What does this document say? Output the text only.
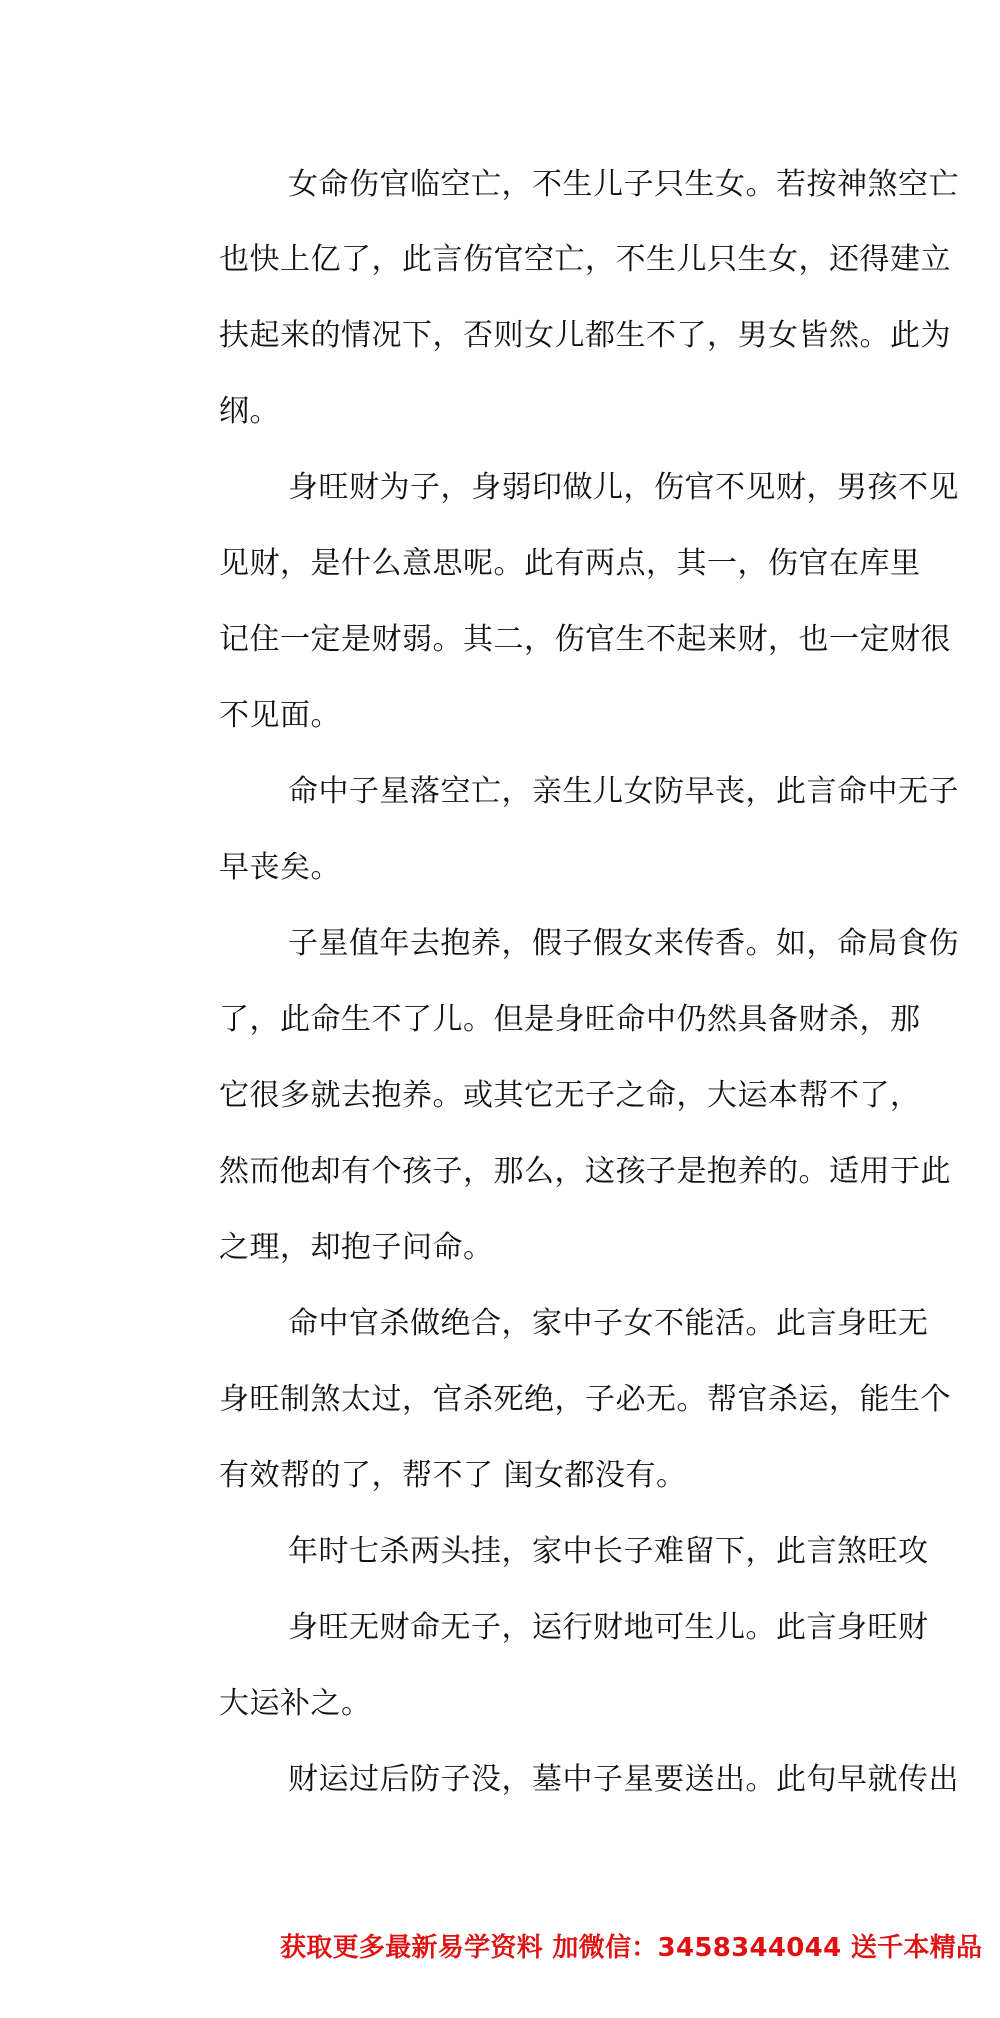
女命伤官临空亡，不生儿子只生女。若按神煞空亡
也快上亿了，此言伤官空亡，不生儿只生女，还得建立
扶起来的情况下，否则女儿都生不了，男女皆然。此为
纲。
身旺财为子，身弱印做儿，伤官不见财，男孩不见
见财，是什么意思呢。此有两点，其一，伤官在库里
记住一定是财弱。其二，伤官生不起来财，也一定财很
不见面。
命中子星落空亡，亲生儿女防早丧，此言命中无子
早丧矣。
子星值年去抱养，假子假女来传香。如，命局食伤
了，此命生不了儿。但是身旺命中仍然具备财杀，那
它很多就去抱养。或其它无子之命，大运本帮不了，
然而他却有个孩子，那么，这孩子是抱养的。适用于此
之理，却抱子问命。
命中官杀做绝合，家中子女不能活。此言身旺无
身旺制煞太过，官杀死绝，子必无。帮官杀运，能生个
有效帮的了，帮不了 闺女都没有。
年时七杀两头挂，家中长子难留下，此言煞旺攻
身旺无财命无子，运行财地可生儿。此言身旺财
大运补之。
财运过后防子没，墓中子星要送出。此句早就传出
获取更多最新易学资料 加微信：3458344044 送千本精品
